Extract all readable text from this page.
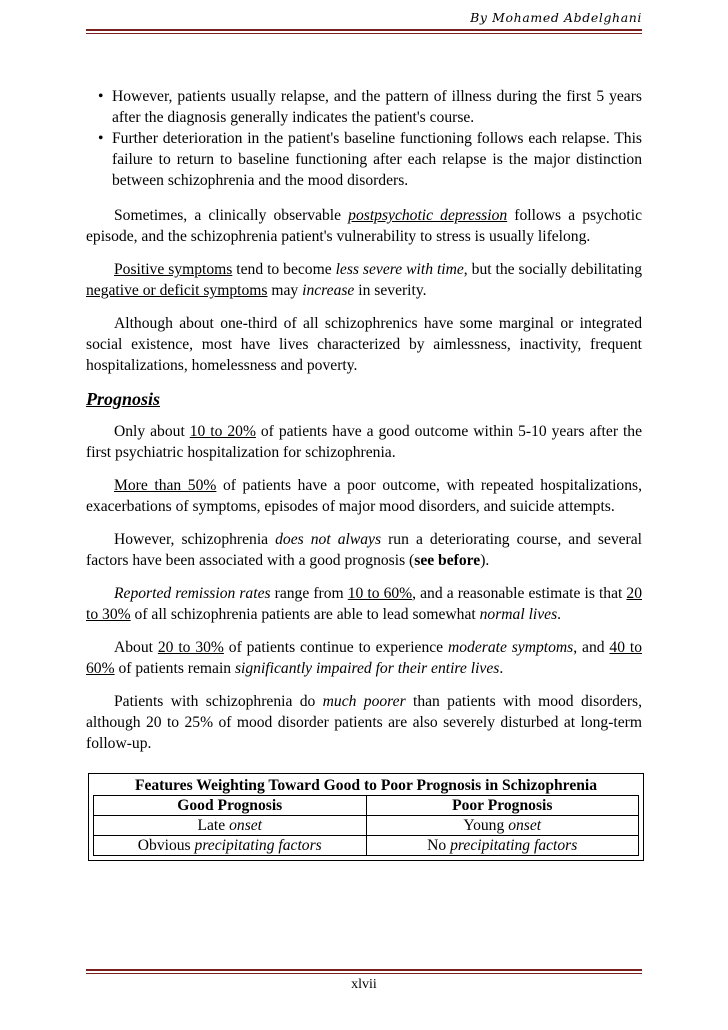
By Mohamed Abdelghani
• However, patients usually relapse, and the pattern of illness during the first 5 years after the diagnosis generally indicates the patient's course.
• Further deterioration in the patient's baseline functioning follows each relapse. This failure to return to baseline functioning after each relapse is the major distinction between schizophrenia and the mood disorders.

Sometimes, a clinically observable postpsychotic depression follows a psychotic episode, and the schizophrenia patient's vulnerability to stress is usually lifelong.

Positive symptoms tend to become less severe with time, but the socially debilitating negative or deficit symptoms may increase in severity.

Although about one-third of all schizophrenics have some marginal or integrated social existence, most have lives characterized by aimlessness, inactivity, frequent hospitalizations, homelessness and poverty.

Prognosis

Only about 10 to 20% of patients have a good outcome within 5-10 years after the first psychiatric hospitalization for schizophrenia.

More than 50% of patients have a poor outcome, with repeated hospitalizations, exacerbations of symptoms, episodes of major mood disorders, and suicide attempts.

However, schizophrenia does not always run a deteriorating course, and several factors have been associated with a good prognosis (see before).

Reported remission rates range from 10 to 60%, and a reasonable estimate is that 20 to 30% of all schizophrenia patients are able to lead somewhat normal lives.

About 20 to 30% of patients continue to experience moderate symptoms, and 40 to 60% of patients remain significantly impaired for their entire lives.

Patients with schizophrenia do much poorer than patients with mood disorders, although 20 to 25% of mood disorder patients are also severely disturbed at long-term follow-up.

Features Weighting Toward Good to Poor Prognosis in Schizophrenia
Good Prognosis	Poor Prognosis
Late onset	Young onset
Obvious precipitating factors	No precipitating factors
xlvii
